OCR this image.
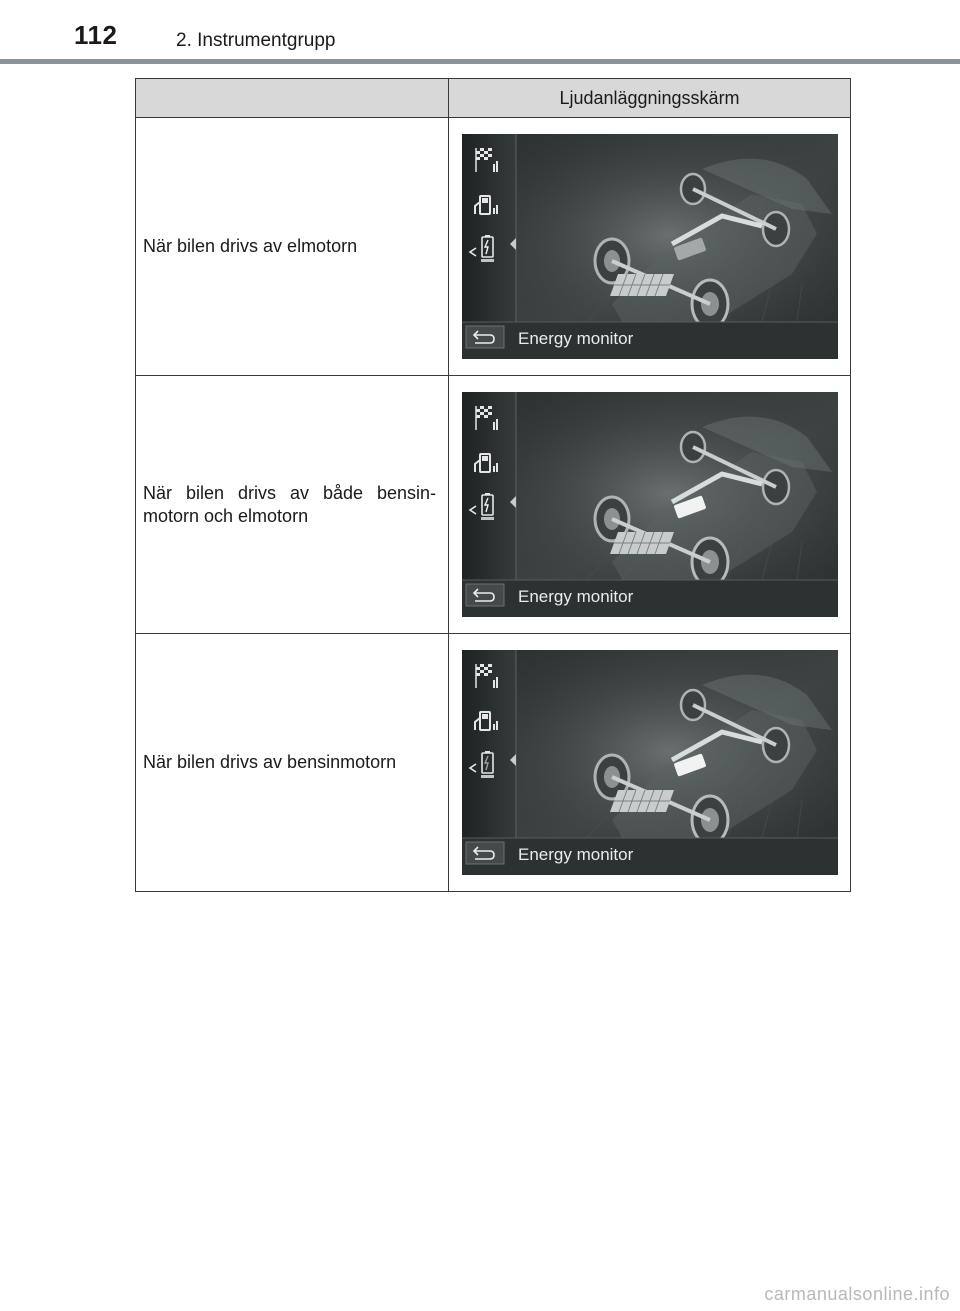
112	2. Instrumentgrupp
	Ljudanläggningsskärm
När bilen drivs av elmotorn	Energy monitor

När bilen drivs av både bensin-motorn och elmotorn	Energy monitor

När bilen drivs av bensinmotorn	Energy monitor
carmanualsonline.info
